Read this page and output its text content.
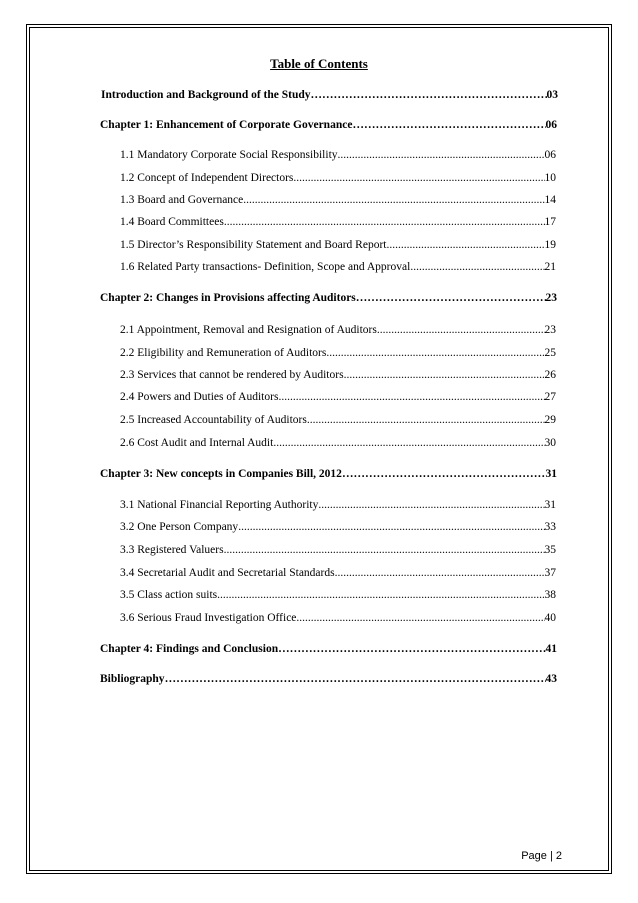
Table of Contents
Introduction and Background of the Study …………………………………………………………………………………………………………………………………………………………………………	03
Chapter 1: Enhancement of Corporate Governance …………………………………………………………………………………………………………………………………………………………………………	06
1.1 Mandatory Corporate Social Responsibility .....	06
1.2 Concept of Independent Directors .....	10
1.3 Board and Governance .....	14
1.4 Board Committees .....	17
1.5 Director’s Responsibility Statement and Board Report .....	19
1.6 Related Party transactions- Definition, Scope and Approval .....	21
Chapter 2: Changes in Provisions affecting Auditors …………………………………………………………………………………………………………………………………………………………………………	23
2.1 Appointment, Removal and Resignation of Auditors .....	23
2.2 Eligibility and Remuneration of Auditors .....	25
2.3 Services that cannot be rendered by Auditors .....	26
2.4 Powers and Duties of Auditors .....	27
2.5 Increased Accountability of Auditors .....	29
2.6 Cost Audit and Internal Audit .....	30
Chapter 3: New concepts in Companies Bill, 2012 …………………………………………………………………………………………………………………………………………………………………………	31
3.1 National Financial Reporting Authority .....	31
3.2 One Person Company .....	33
3.3 Registered Valuers .....	35
3.4 Secretarial Audit and Secretarial Standards .....	37
3.5 Class action suits .....	38
3.6 Serious Fraud Investigation Office .....	40
Chapter 4: Findings and Conclusion …………………………………………………………………………………………………………………………………………………………………………	41
Bibliography …………………………………………………………………………………………………………………………………………………………………………	43
Page | 2
